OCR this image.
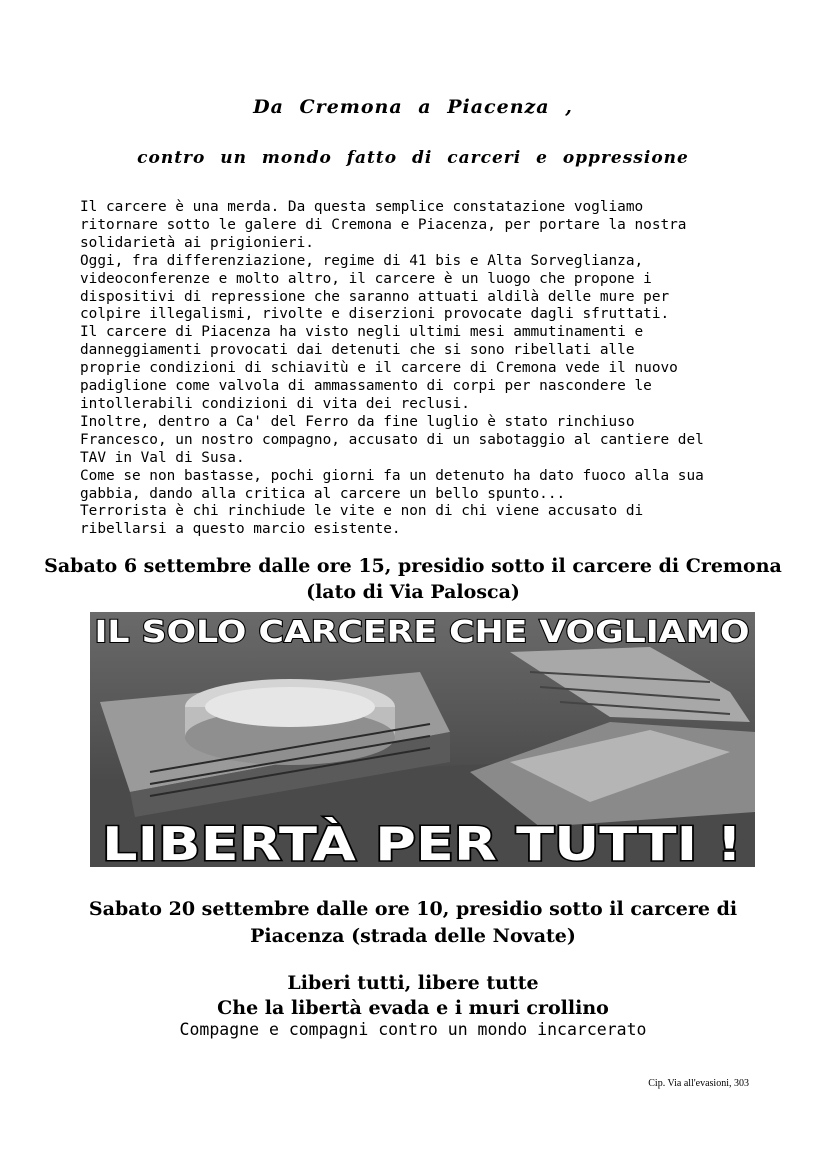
Da Cremona a Piacenza ,
contro un mondo fatto di carceri e oppressione
Il carcere è una merda. Da questa semplice constatazione vogliamo
ritornare sotto le galere di Cremona e Piacenza, per portare la nostra
solidarietà ai prigionieri.
Oggi, fra differenziazione, regime di 41 bis e Alta Sorveglianza,
videoconferenze e molto altro, il carcere è un luogo che propone i
dispositivi di repressione che saranno attuati aldilà delle mure per
colpire illegalismi, rivolte e diserzioni provocate dagli sfruttati.
Il carcere di Piacenza ha visto negli ultimi mesi ammutinamenti e
danneggiamenti provocati dai detenuti che si sono ribellati alle
proprie condizioni di schiavitù e il carcere di Cremona vede il nuovo
padiglione come valvola di ammassamento di corpi per nascondere le
intollerabili condizioni di vita dei reclusi.
Inoltre, dentro a Ca' del Ferro da fine luglio è stato rinchiuso
Francesco, un nostro compagno, accusato di un sabotaggio al cantiere del
TAV in Val di Susa.
Come se non bastasse, pochi giorni fa un detenuto ha dato fuoco alla sua
gabbia, dando alla critica al carcere un bello spunto...
Terrorista è chi rinchiude le vite e non di chi viene accusato di
ribellarsi a questo marcio esistente.
Sabato 6 settembre dalle ore 15, presidio sotto il carcere di Cremona
(lato di Via Palosca)
IL SOLO CARCERE CHE VOGLIAMO
LIBERTÀ PER TUTTI !
Sabato 20 settembre dalle ore 10, presidio sotto il carcere di
Piacenza (strada delle Novate)
Liberi tutti, libere tutte
Che la libertà evada e i muri crollino
Compagne e compagni contro un mondo incarcerato
Cip. Via all'evasioni, 303
